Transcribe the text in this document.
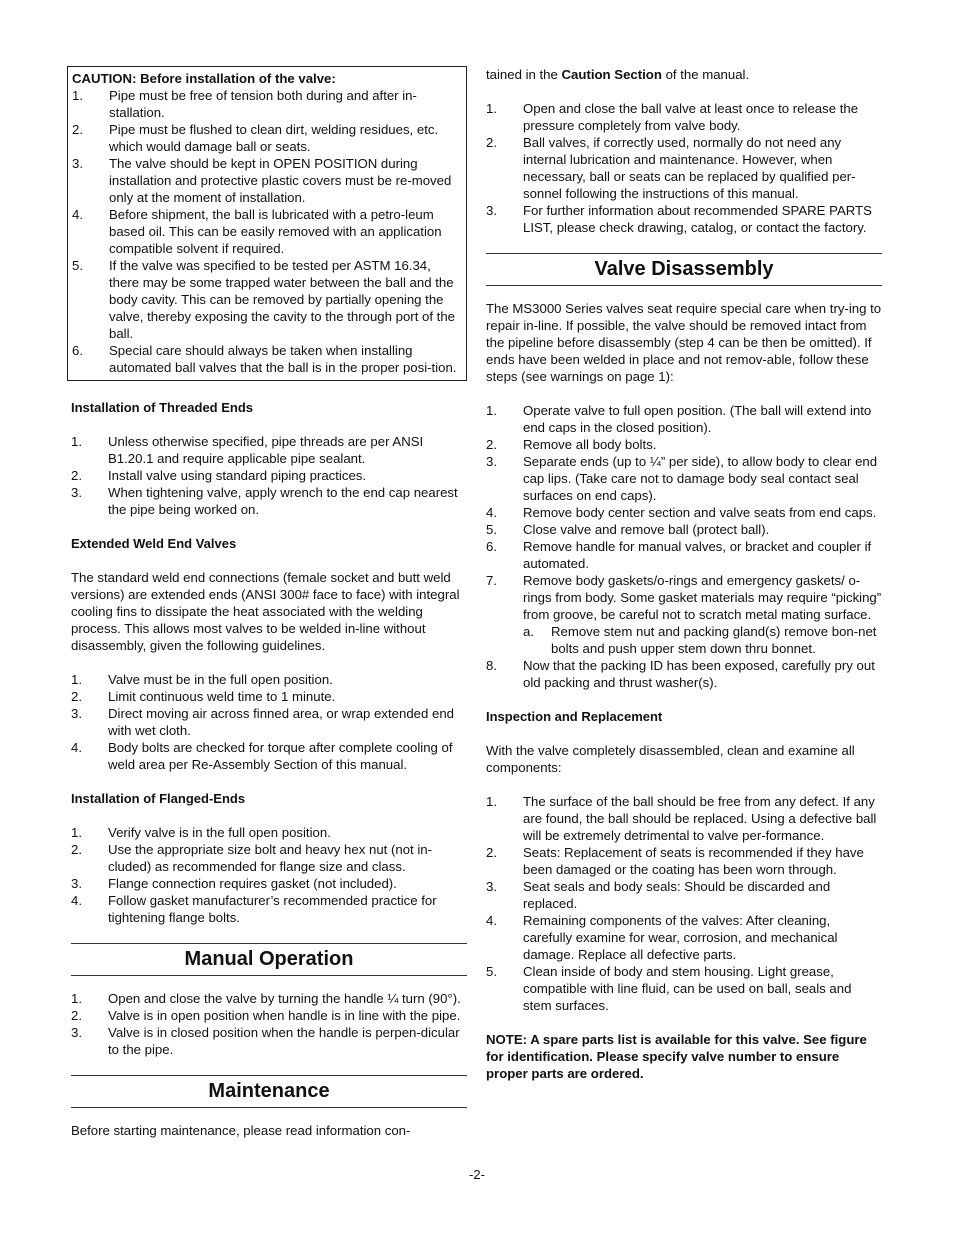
CAUTION: Before installation of the valve:
1.	Pipe must be free of tension both during and after in-stallation.
2.	Pipe must be flushed to clean dirt, welding residues, etc. which would damage ball or seats.
3.	The valve should be kept in OPEN POSITION during installation and protective plastic covers must be re-moved only at the moment of installation.
4.	Before shipment, the ball is lubricated with a petro-leum based oil. This can be easily removed with an application compatible solvent if required.
5.	If the valve was specified to be tested per ASTM 16.34, there may be some trapped water between the ball and the body cavity. This can be removed by partially opening the valve, thereby exposing the cavity to the through port of the ball.
6.	Special care should always be taken when installing automated ball valves that the ball is in the proper posi-tion.
Installation of Threaded Ends
1.	Unless otherwise specified, pipe threads are per ANSI B1.20.1 and require applicable pipe sealant.
2.	Install valve using standard piping practices.
3.	When tightening valve, apply wrench to the end cap nearest the pipe being worked on.
Extended Weld End Valves
The standard weld end connections (female socket and butt weld versions) are extended ends (ANSI 300# face to face) with integral cooling fins to dissipate the heat associated with the welding process. This allows most valves to be welded in-line without disassembly, given the following guidelines.
1.	Valve must be in the full open position.
2.	Limit continuous weld time to 1 minute.
3.	Direct moving air across finned area, or wrap extended end with wet cloth.
4.	Body bolts are checked for torque after complete cooling of weld area per Re-Assembly Section of this manual.
Installation of Flanged-Ends
1.	Verify valve is in the full open position.
2.	Use the appropriate size bolt and heavy hex nut (not in-cluded) as recommended for flange size and class.
3.	Flange connection requires gasket (not included).
4.	Follow gasket manufacturer’s recommended practice for tightening flange bolts.
Manual Operation
1.	Open and close the valve by turning the handle ¼ turn (90°).
2.	Valve is in open position when handle is in line with the pipe.
3.	Valve is in closed position when the handle is perpen-dicular to the pipe.
Maintenance
Before starting maintenance, please read information con-
tained in the Caution Section of the manual.
1.	Open and close the ball valve at least once to release the pressure completely from valve body.
2.	Ball valves, if correctly used, normally do not need any internal lubrication and maintenance. However, when necessary, ball or seats can be replaced by qualified per-sonnel following the instructions of this manual.
3.	For further information about recommended SPARE PARTS LIST, please check drawing, catalog, or contact the factory.
Valve Disassembly
The MS3000 Series valves seat require special care when try-ing to repair in-line. If possible, the valve should be removed intact from the pipeline before disassembly (step 4 can be then be omitted). If ends have been welded in place and not remov-able, follow these steps (see warnings on page 1):
1.	Operate valve to full open position. (The ball will extend into end caps in the closed position).
2.	Remove all body bolts.
3.	Separate ends (up to ¼” per side), to allow body to clear end cap lips. (Take care not to damage body seal contact seal surfaces on end caps).
4.	Remove body center section and valve seats from end caps.
5.	Close valve and remove ball (protect ball).
6.	Remove handle for manual valves, or bracket and coupler if automated.
7.	Remove body gaskets/o-rings and emergency gaskets/ o-rings from body. Some gasket materials may require “picking” from groove, be careful not to scratch metal mating surface.
a.	Remove stem nut and packing gland(s) remove bon-net bolts and push upper stem down thru bonnet.
8.	Now that the packing ID has been exposed, carefully pry out old packing and thrust washer(s).
Inspection and Replacement
With the valve completely disassembled, clean and examine all components:
1.	The surface of the ball should be free from any defect. If any are found, the ball should be replaced. Using a defective ball will be extremely detrimental to valve per-formance.
2.	Seats: Replacement of seats is recommended if they have been damaged or the coating has been worn through.
3.	Seat seals and body seals: Should be discarded and replaced.
4.	Remaining components of the valves: After cleaning, carefully examine for wear, corrosion, and mechanical damage. Replace all defective parts.
5.	Clean inside of body and stem housing. Light grease, compatible with line fluid, can be used on ball, seals and stem surfaces.
NOTE: A spare parts list is available for this valve. See figure for identification. Please specify valve number to ensure proper parts are ordered.
-2-
